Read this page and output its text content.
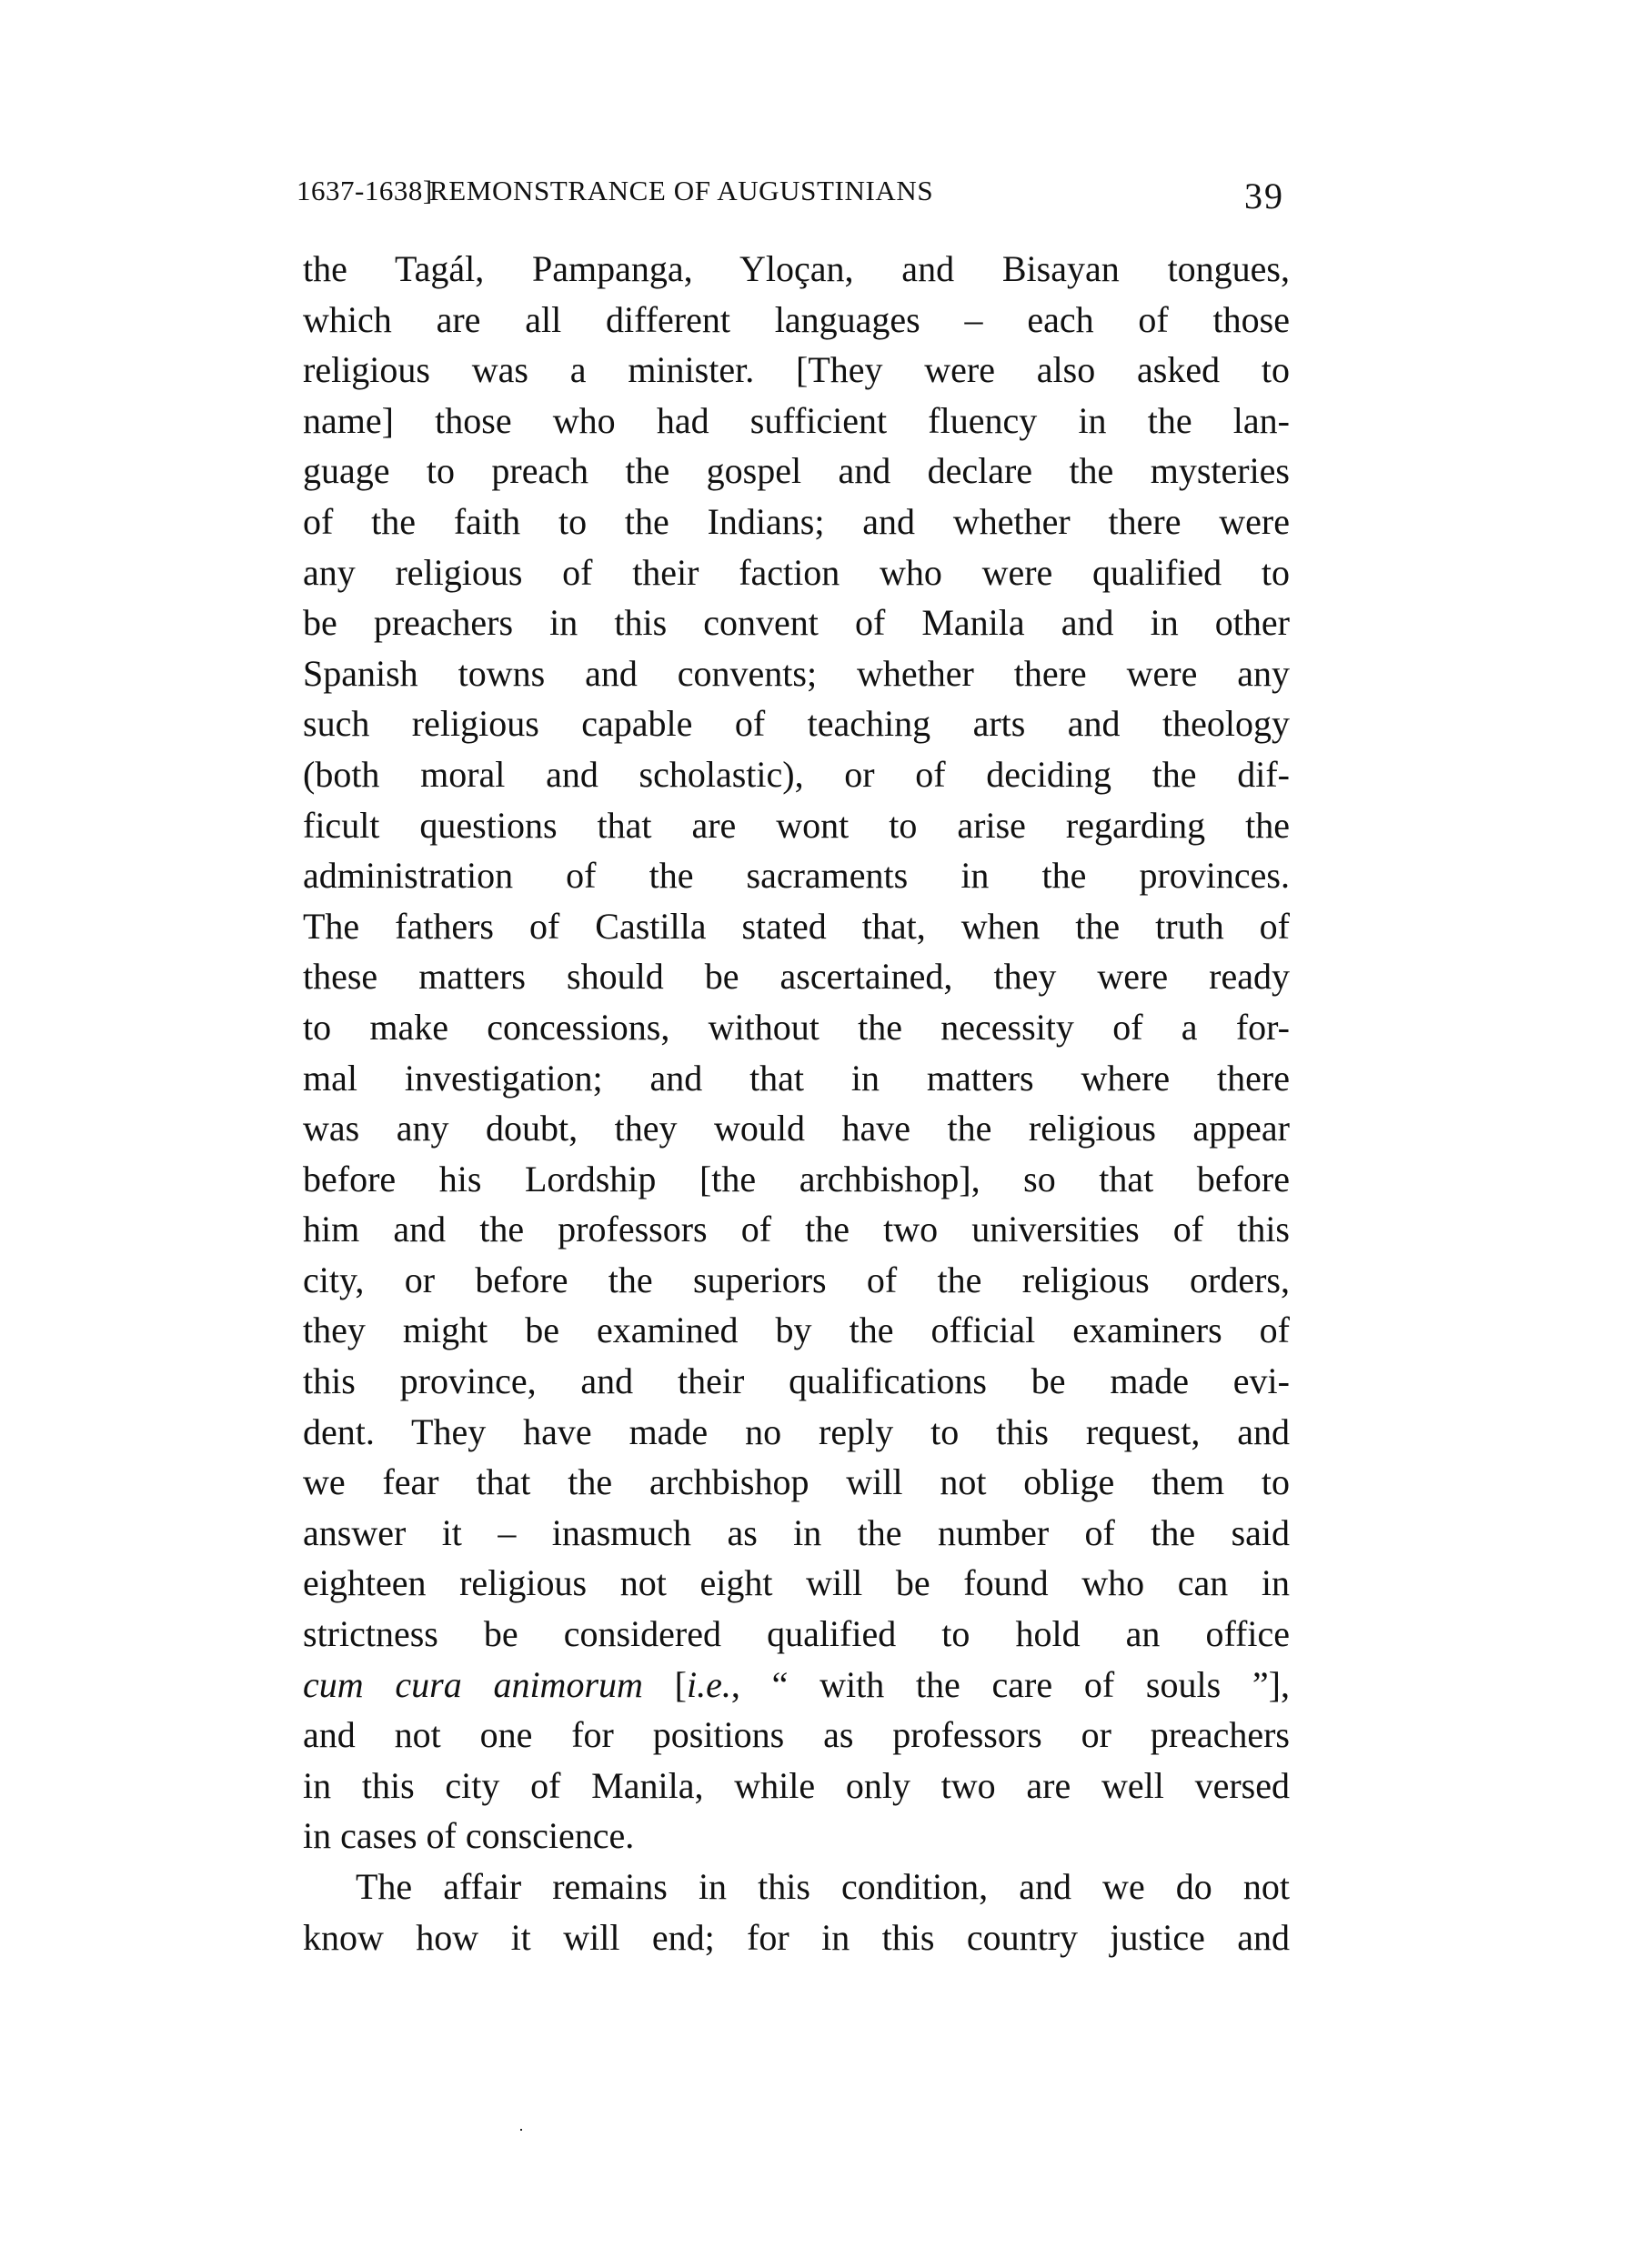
1637-1638]
REMONSTRANCE OF AUGUSTINIANS	39
the Tagál, Pampanga, Yloçan, and Bisayan tongues,
which are all different languages – each of those
religious was a minister. [They were also asked to
name] those who had sufficient fluency in the lan-
guage to preach the gospel and declare the mysteries
of the faith to the Indians; and whether there were
any religious of their faction who were qualified to
be preachers in this convent of Manila and in other
Spanish towns and convents; whether there were any
such religious capable of teaching arts and theology
(both moral and scholastic), or of deciding the dif-
ficult questions that are wont to arise regarding the
administration of the sacraments in the provinces.
The fathers of Castilla stated that, when the truth of
these matters should be ascertained, they were ready
to make concessions, without the necessity of a for-
mal investigation; and that in matters where there
was any doubt, they would have the religious appear
before his Lordship [the archbishop], so that before
him and the professors of the two universities of this
city, or before the superiors of the religious orders,
they might be examined by the official examiners of
this province, and their qualifications be made evi-
dent. They have made no reply to this request, and
we fear that the archbishop will not oblige them to
answer it – inasmuch as in the number of the said
eighteen religious not eight will be found who can in
strictness be considered qualified to hold an office
cum cura animorum [i.e., “ with the care of souls ”],
and not one for positions as professors or preachers
in this city of Manila, while only two are well versed
in cases of conscience.
The affair remains in this condition, and we do not
know how it will end; for in this country justice and
